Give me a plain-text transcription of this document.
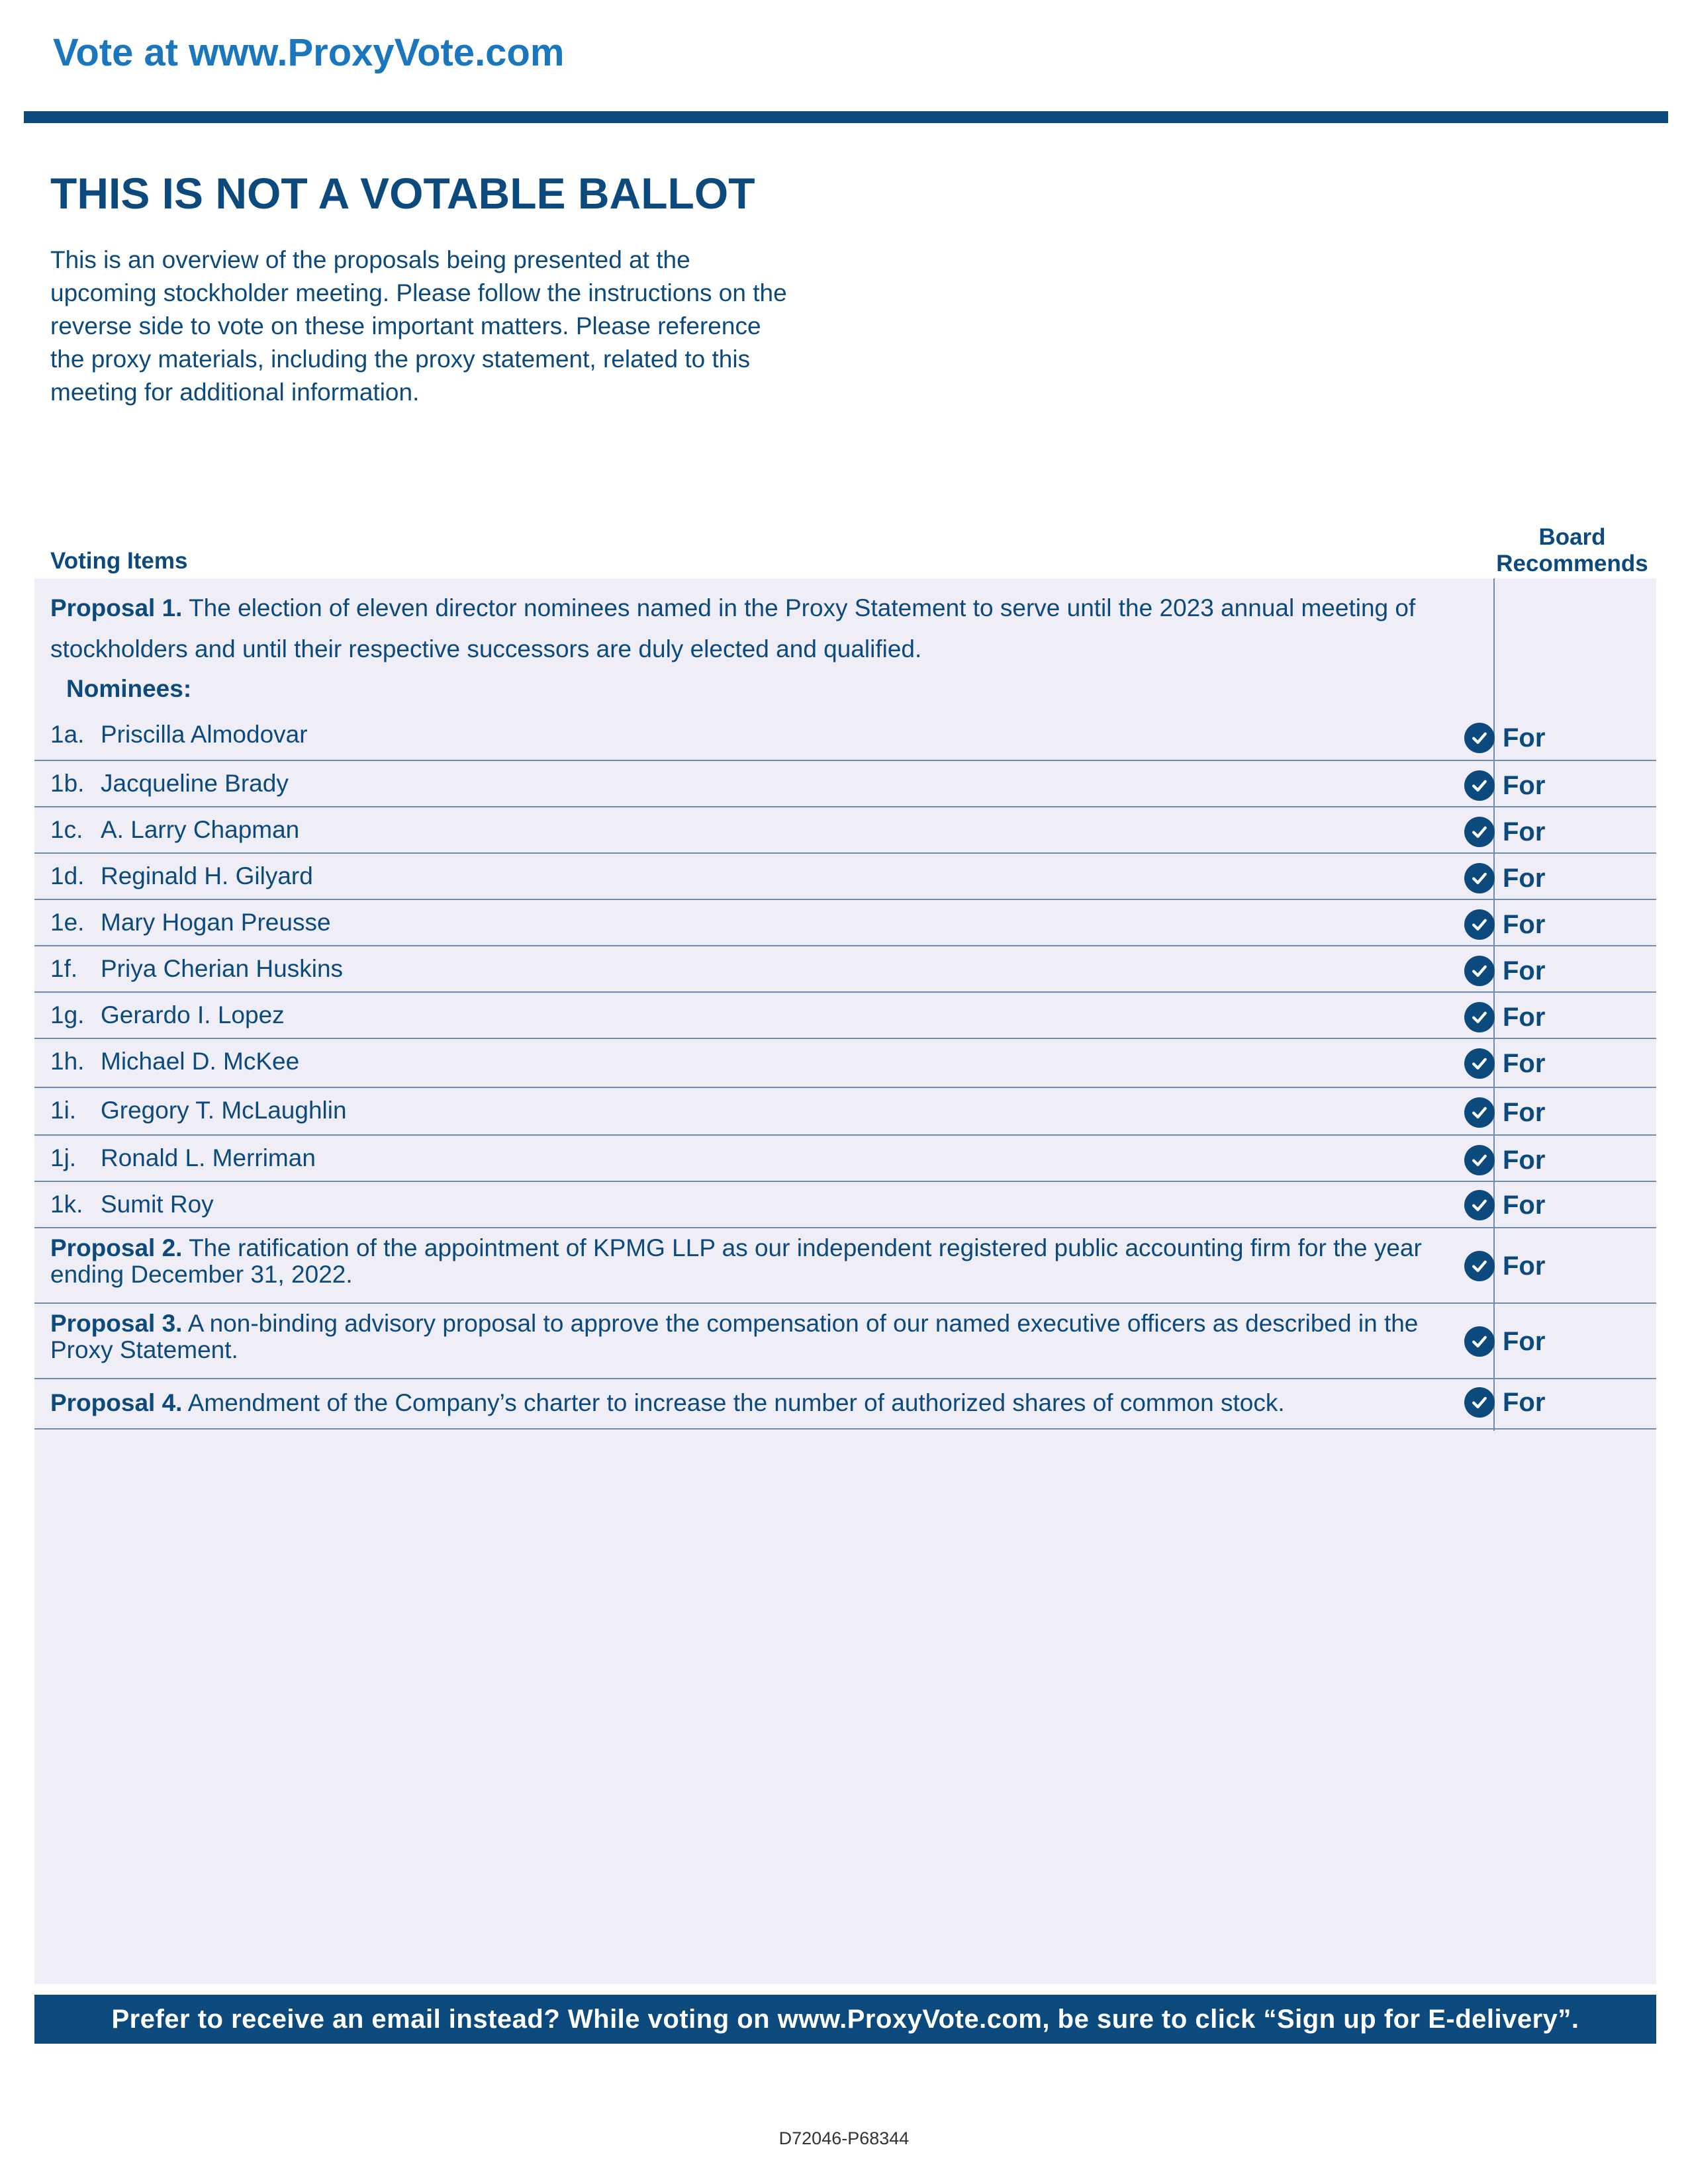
Vote at www.ProxyVote.com
THIS IS NOT A VOTABLE BALLOT
This is an overview of the proposals being presented at the upcoming stockholder meeting. Please follow the instructions on the reverse side to vote on these important matters. Please reference the proxy materials, including the proxy statement, related to this meeting for additional information.
Voting Items
Board
Recommends
Proposal 1. The election of eleven director nominees named in the Proxy Statement to serve until the 2023 annual meeting of stockholders and until their respective successors are duly elected and qualified.
Nominees:
1a. Priscilla Almodovar
1b. Jacqueline Brady
1c. A. Larry Chapman
1d. Reginald H. Gilyard
1e. Mary Hogan Preusse
1f. Priya Cherian Huskins
1g. Gerardo I. Lopez
1h. Michael D. McKee
1i. Gregory T. McLaughlin
1j. Ronald L. Merriman
1k. Sumit Roy
Proposal 2. The ratification of the appointment of KPMG LLP as our independent registered public accounting firm for the year ending December 31, 2022.
Proposal 3. A non-binding advisory proposal to approve the compensation of our named executive officers as described in the Proxy Statement.
Proposal 4. Amendment of the Company’s charter to increase the number of authorized shares of common stock.
For
For
For
For
For
For
For
For
For
For
For
For
For
For
Prefer to receive an email instead? While voting on www.ProxyVote.com, be sure to click “Sign up for E-delivery”.
D72046-P68344
